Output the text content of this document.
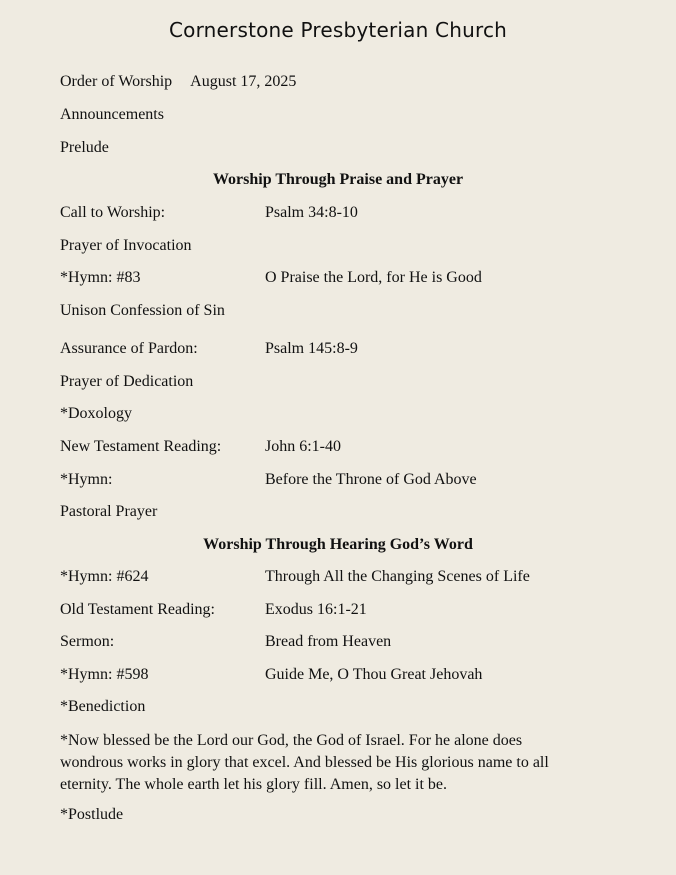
Cornerstone Presbyterian Church
Order of Worship August 17, 2025
Announcements
Prelude
Worship Through Praise and Prayer
Call to Worship:	Psalm 34:8-10
Prayer of Invocation
*Hymn: #83	O Praise the Lord, for He is Good
Unison Confession of Sin
Assurance of Pardon:	Psalm 145:8-9
Prayer of Dedication
*Doxology
New Testament Reading:	John 6:1-40
*Hymn:	Before the Throne of God Above
Pastoral Prayer
Worship Through Hearing God’s Word
*Hymn: #624	Through All the Changing Scenes of Life
Old Testament Reading:	Exodus 16:1-21
Sermon:	Bread from Heaven
*Hymn: #598	Guide Me, O Thou Great Jehovah
*Benediction
*Now blessed be the Lord our God, the God of Israel. For he alone does
wondrous works in glory that excel. And blessed be His glorious name to all
eternity. The whole earth let his glory fill. Amen, so let it be.
*Postlude
